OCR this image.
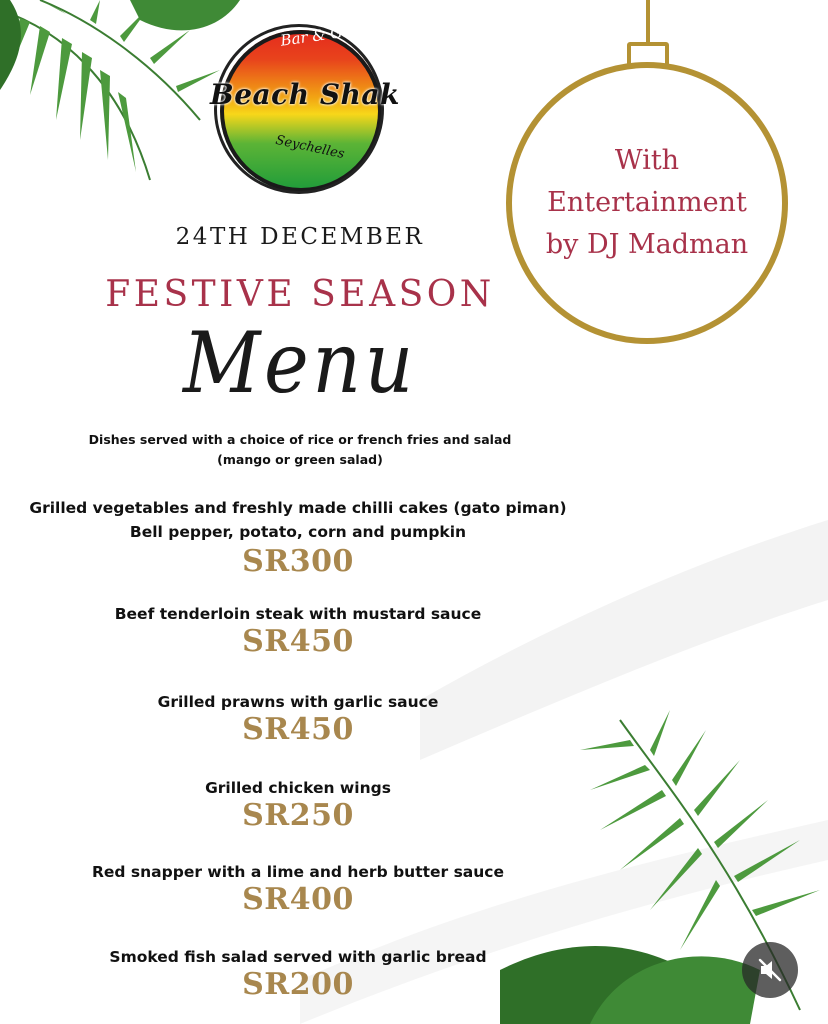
Bar & Grill
Beach Shak
Seychelles	With
Entertainment
by DJ Madman
24TH DECEMBER
FESTIVE SEASON
Menu
Dishes served with a choice of rice or french fries and salad
(mango or green salad)
Grilled vegetables and freshly made chilli cakes (gato piman)
Bell pepper, potato, corn and pumpkin
SR300
Beef tenderloin steak with mustard sauce
SR450
Grilled prawns with garlic sauce
SR450
Grilled chicken wings
SR250
Red snapper with a lime and herb butter sauce
SR400
Smoked fish salad served with garlic bread
SR200
